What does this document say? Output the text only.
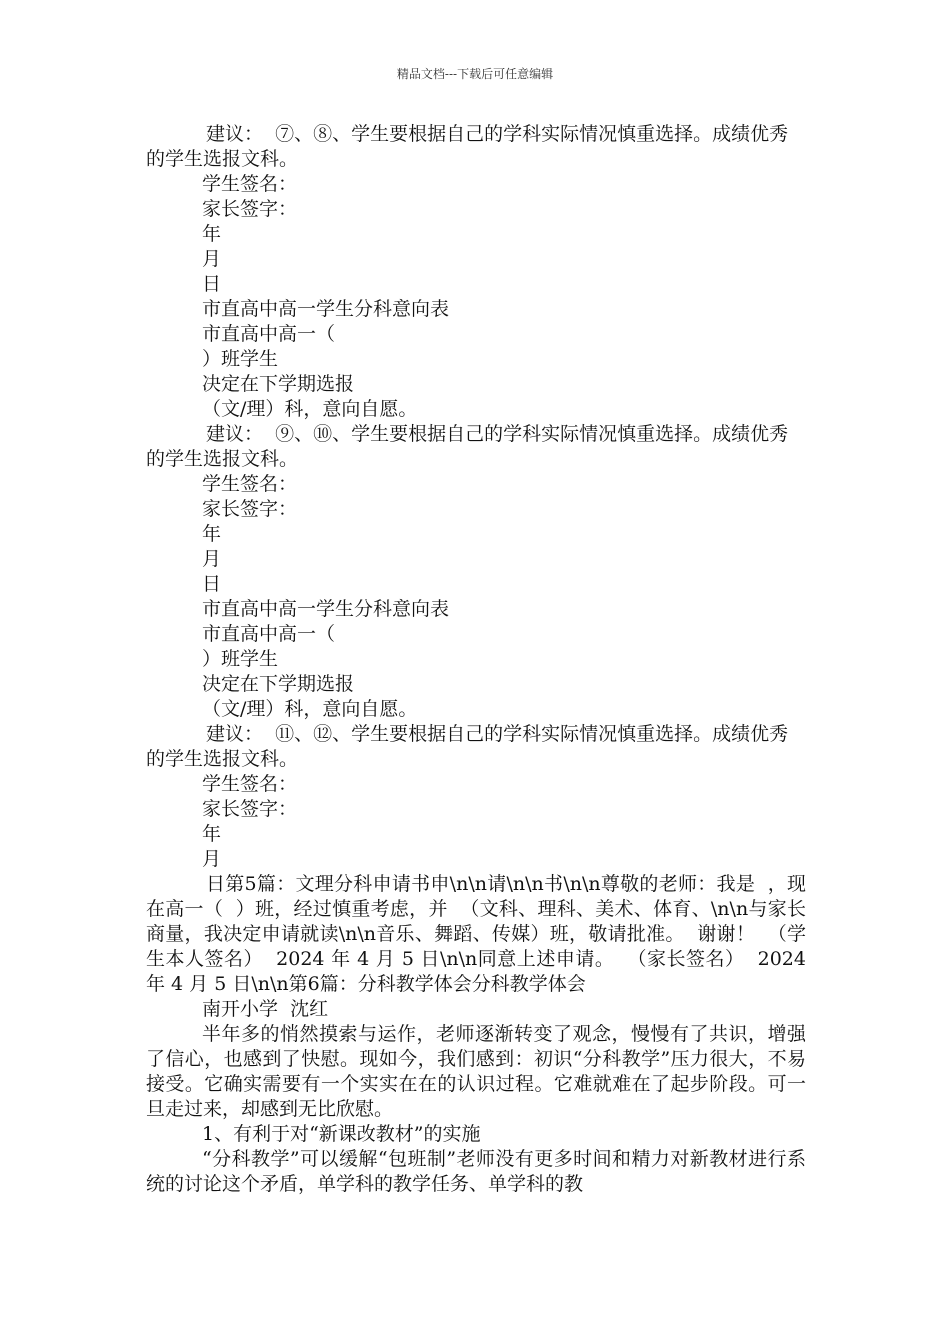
精品文档---下载后可任意编辑

建议：  ⑦、⑧、学生要根据自己的学科实际情况慎重选择。成绩优秀的学生选报文科。

学生签名：

家长签字：

年

月

日

市直高中高一学生分科意向表

市直高中高一（

）班学生

决定在下学期选报

（文/理）科，意向自愿。

建议：  ⑨、⑩、学生要根据自己的学科实际情况慎重选择。成绩优秀的学生选报文科。

学生签名：

家长签字：

年

月

日

市直高中高一学生分科意向表

市直高中高一（

）班学生

决定在下学期选报

（文/理）科，意向自愿。

建议：  ⑪、⑫、学生要根据自己的学科实际情况慎重选择。成绩优秀的学生选报文科。

学生签名：

家长签字：

年

月

日第5篇：文理分科申请书申\n\n请\n\n书\n\n尊敬的老师：我是  ，现在高一（  ）班，经过慎重考虑，并  （文科、理科、美术、体育、\n\n与家长商量，我决定申请就读\n\n音乐、舞蹈、传媒）班，敬请批准。  谢谢！  （学生本人签名）  2024 年 4 月 5 日\n\n同意上述申请。  （家长签名）  2024 年 4 月 5 日\n\n第6篇：分科教学体会分科教学体会

南开小学  沈红

半年多的悄然摸索与运作，老师逐渐转变了观念，慢慢有了共识，增强了信心，也感到了快慰。现如今，我们感到：初识“分科教学”压力很大，不易接受。它确实需要有一个实实在在的认识过程。它难就难在了起步阶段。可一旦走过来，却感到无比欣慰。

1、有利于对“新课改教材”的实施

“分科教学”可以缓解“包班制”老师没有更多时间和精力对新教材进行系统的讨论这个矛盾，单学科的教学任务、单学科的教
